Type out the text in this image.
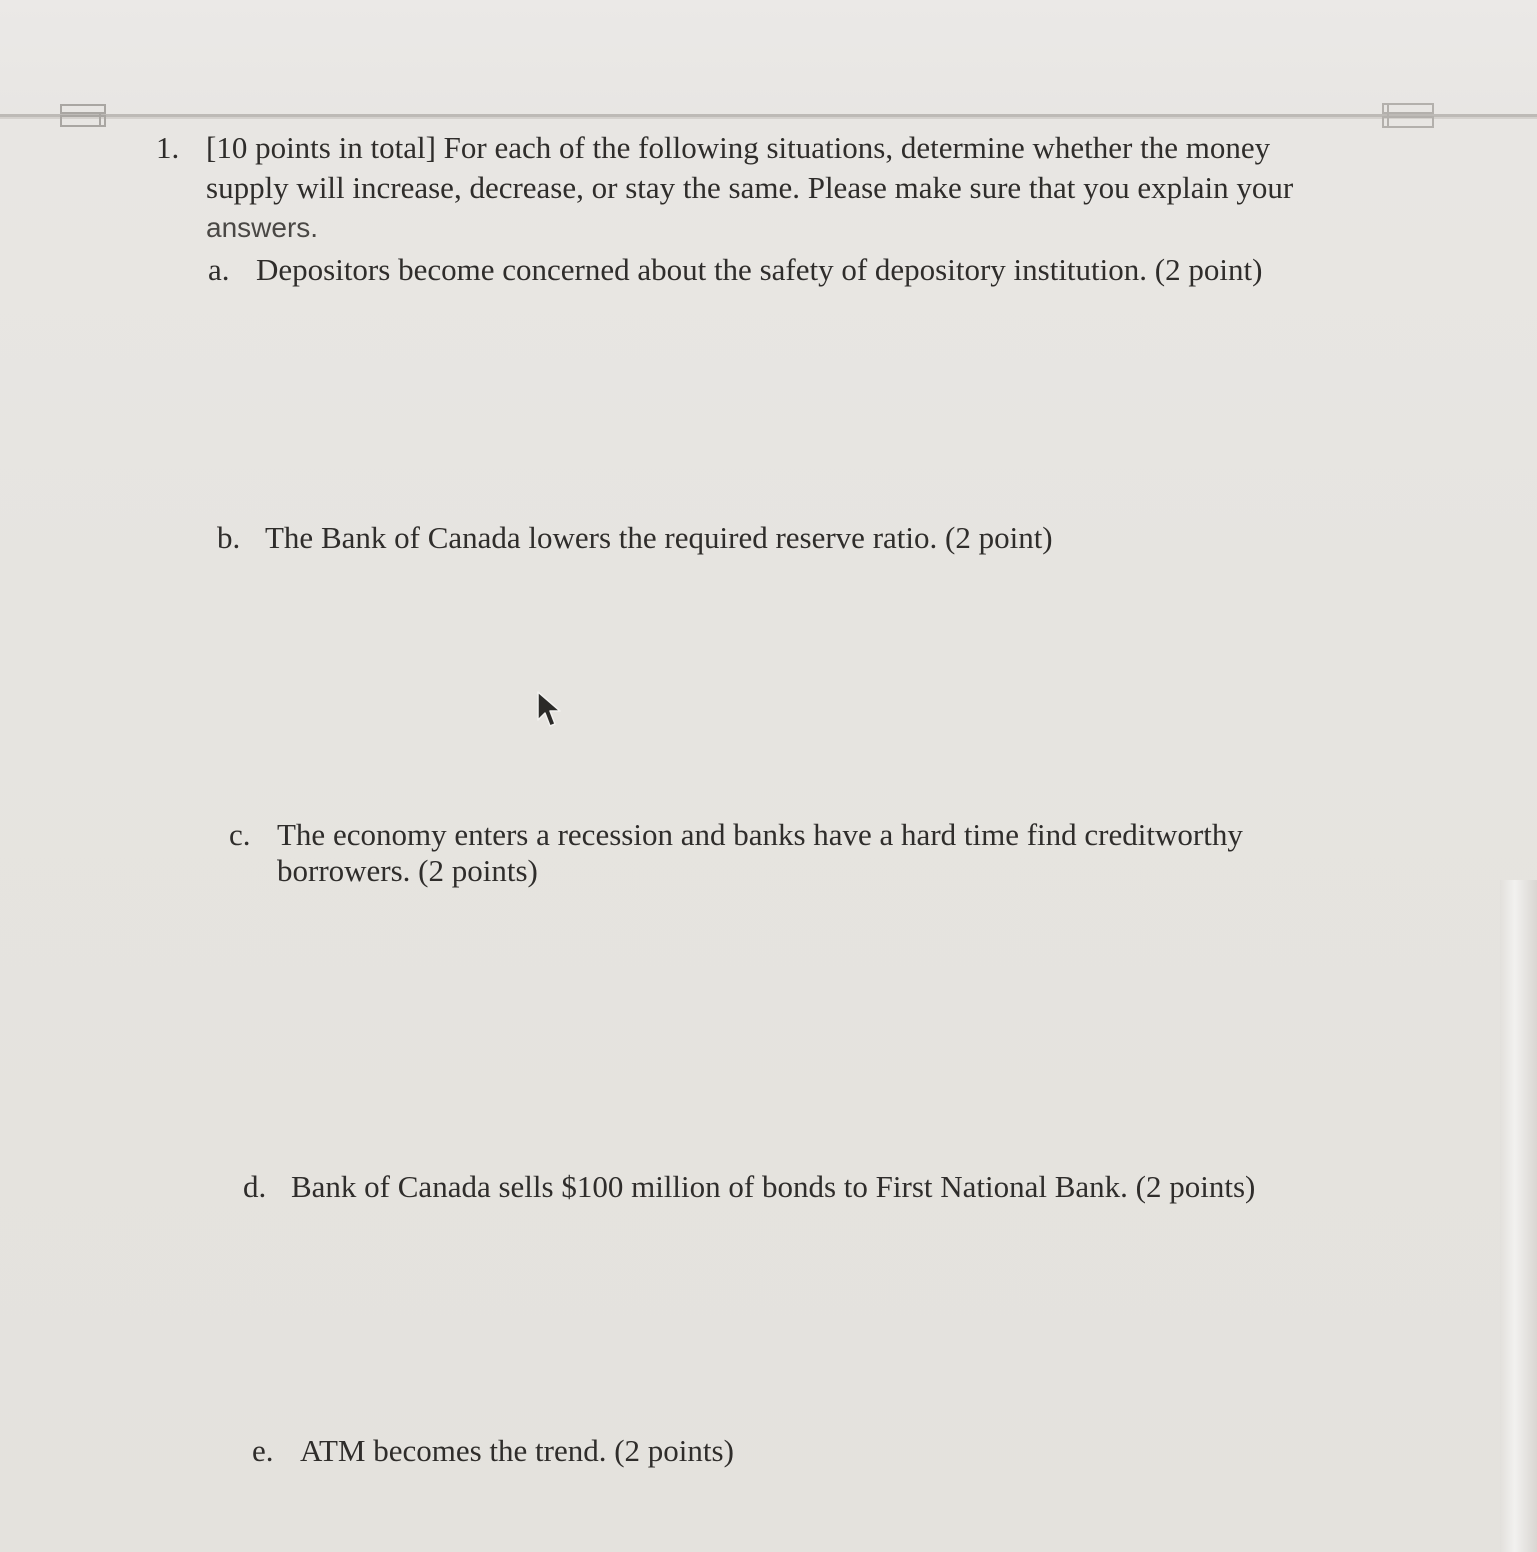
1. [10 points in total] For each of the following situations, determine whether the money
supply will increase, decrease, or stay the same. Please make sure that you explain your
answers.
a. Depositors become concerned about the safety of depository institution. (2 point)
b. The Bank of Canada lowers the required reserve ratio. (2 point)
c. The economy enters a recession and banks have a hard time find creditworthy
borrowers. (2 points)
d. Bank of Canada sells $100 million of bonds to First National Bank. (2 points)
e. ATM becomes the trend. (2 points)
